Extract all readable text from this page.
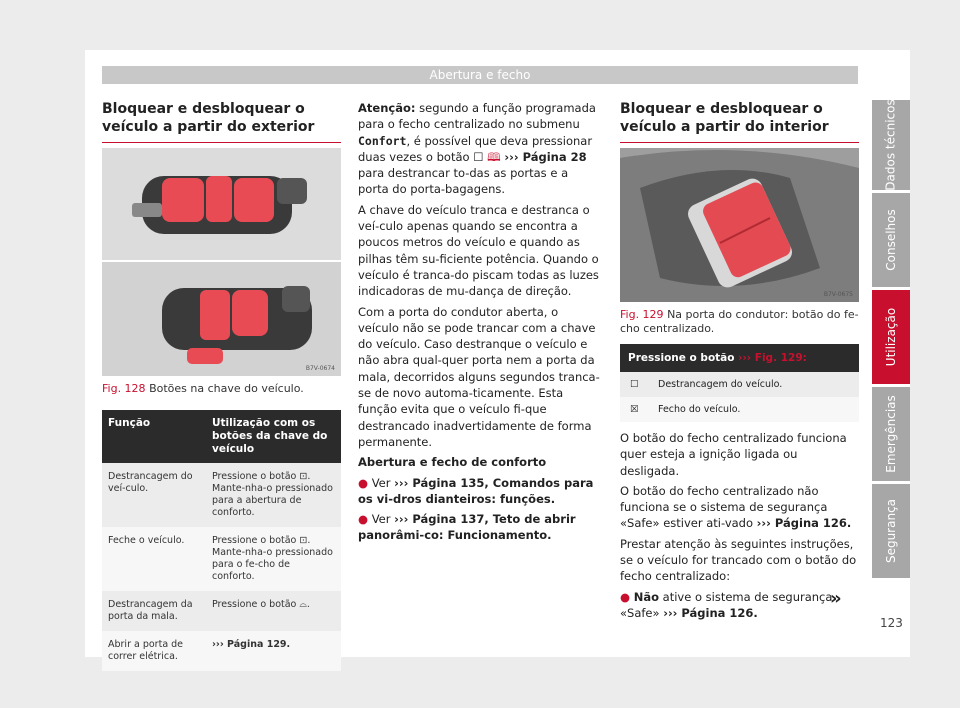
Abertura e fecho
Bloquear e desbloquear o veículo a partir do exterior
B7V-0674
Fig. 128 Botões na chave do veículo.
Função	Utilização com os botões da chave do veículo
Destrancagem do veí-culo.	Pressione o botão ⊡. Mante-nha-o pressionado para a abertura de conforto.
Feche o veículo.	Pressione o botão ⊡. Mante-nha-o pressionado para o fe-cho de conforto.
Destrancagem da porta da mala.	Pressione o botão ⌓.
Abrir a porta de correr elétrica.	››› Página 129.

Atenção: segundo a função programada para o fecho centralizado no submenu Confort, é possível que deva pressionar duas vezes o botão ☐ 🕮 ››› Página 28 para destrancar to-das as portas e a porta do porta-bagagens.

A chave do veículo tranca e destranca o veí-culo apenas quando se encontra a poucos metros do veículo e quando as pilhas têm su-ficiente potência. Quando o veículo é tranca-do piscam todas as luzes indicadoras de mu-dança de direção.

Com a porta do condutor aberta, o veículo não se pode trancar com a chave do veículo. Caso destranque o veículo e não abra qual-quer porta nem a porta da mala, decorridos alguns segundos tranca-se de novo automa-ticamente. Esta função evita que o veículo fi-que destrancado inadvertidamente de forma permanente.

Abertura e fecho de conforto

● Ver ››› Página 135, Comandos para os vi-dros dianteiros: funções.

● Ver ››› Página 137, Teto de abrir panorâmi-co: Funcionamento.

Bloquear e desbloquear o veículo a partir do interior
B7V-0675
Fig. 129 Na porta do condutor: botão do fe-cho centralizado.
Pressione o botão ››› Fig. 129:
☐	Destrancagem do veículo.
☒	Fecho do veículo.

O botão do fecho centralizado funciona quer esteja a ignição ligada ou desligada.

O botão do fecho centralizado não funciona se o sistema de segurança «Safe» estiver ati-vado ››› Página 126.

Prestar atenção às seguintes instruções, se o veículo for trancado com o botão do fecho centralizado:

● Não ative o sistema de segurança «Safe» ››› Página 126.

»
Dados técnicos
Conselhos
Utilização
Emergências
Segurança
123
